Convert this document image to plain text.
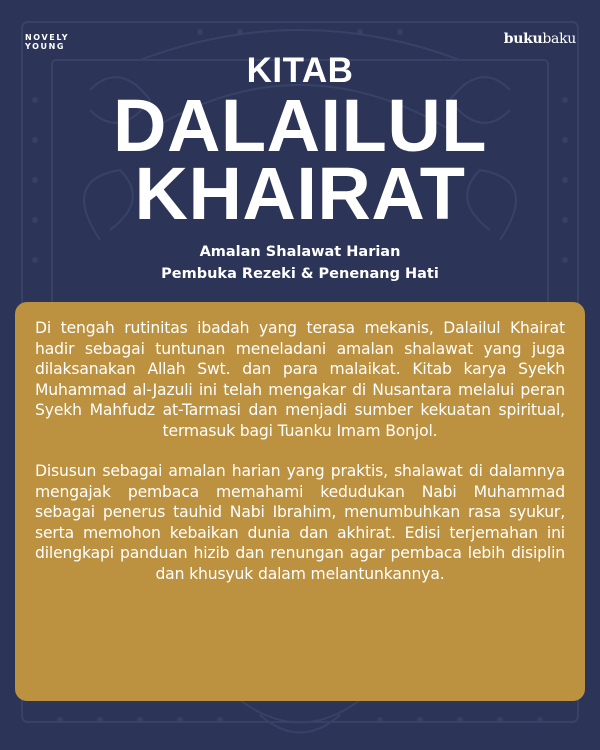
NOVELY
YOUNG	bukubaku
KITAB
DALAILUL
KHAIRAT
Amalan Shalawat Harian
Pembuka Rezeki & Penenang Hati

Di tengah rutinitas ibadah yang terasa mekanis, Dalailul Khairat hadir sebagai tuntunan meneladani amalan shalawat yang juga dilaksanakan Allah Swt. dan para malaikat. Kitab karya Syekh Muhammad al-Jazuli ini telah mengakar di Nusantara melalui peran Syekh Mahfudz at-Tarmasi dan menjadi sumber kekuatan spiritual, termasuk bagi Tuanku Imam Bonjol.

Disusun sebagai amalan harian yang praktis, shalawat di dalamnya mengajak pembaca memahami kedudukan Nabi Muhammad sebagai penerus tauhid Nabi Ibrahim, menumbuhkan rasa syukur, serta memohon kebaikan dunia dan akhirat. Edisi terjemahan ini dilengkapi panduan hizib dan renungan agar pembaca lebih disiplin dan khusyuk dalam melantunkannya.
